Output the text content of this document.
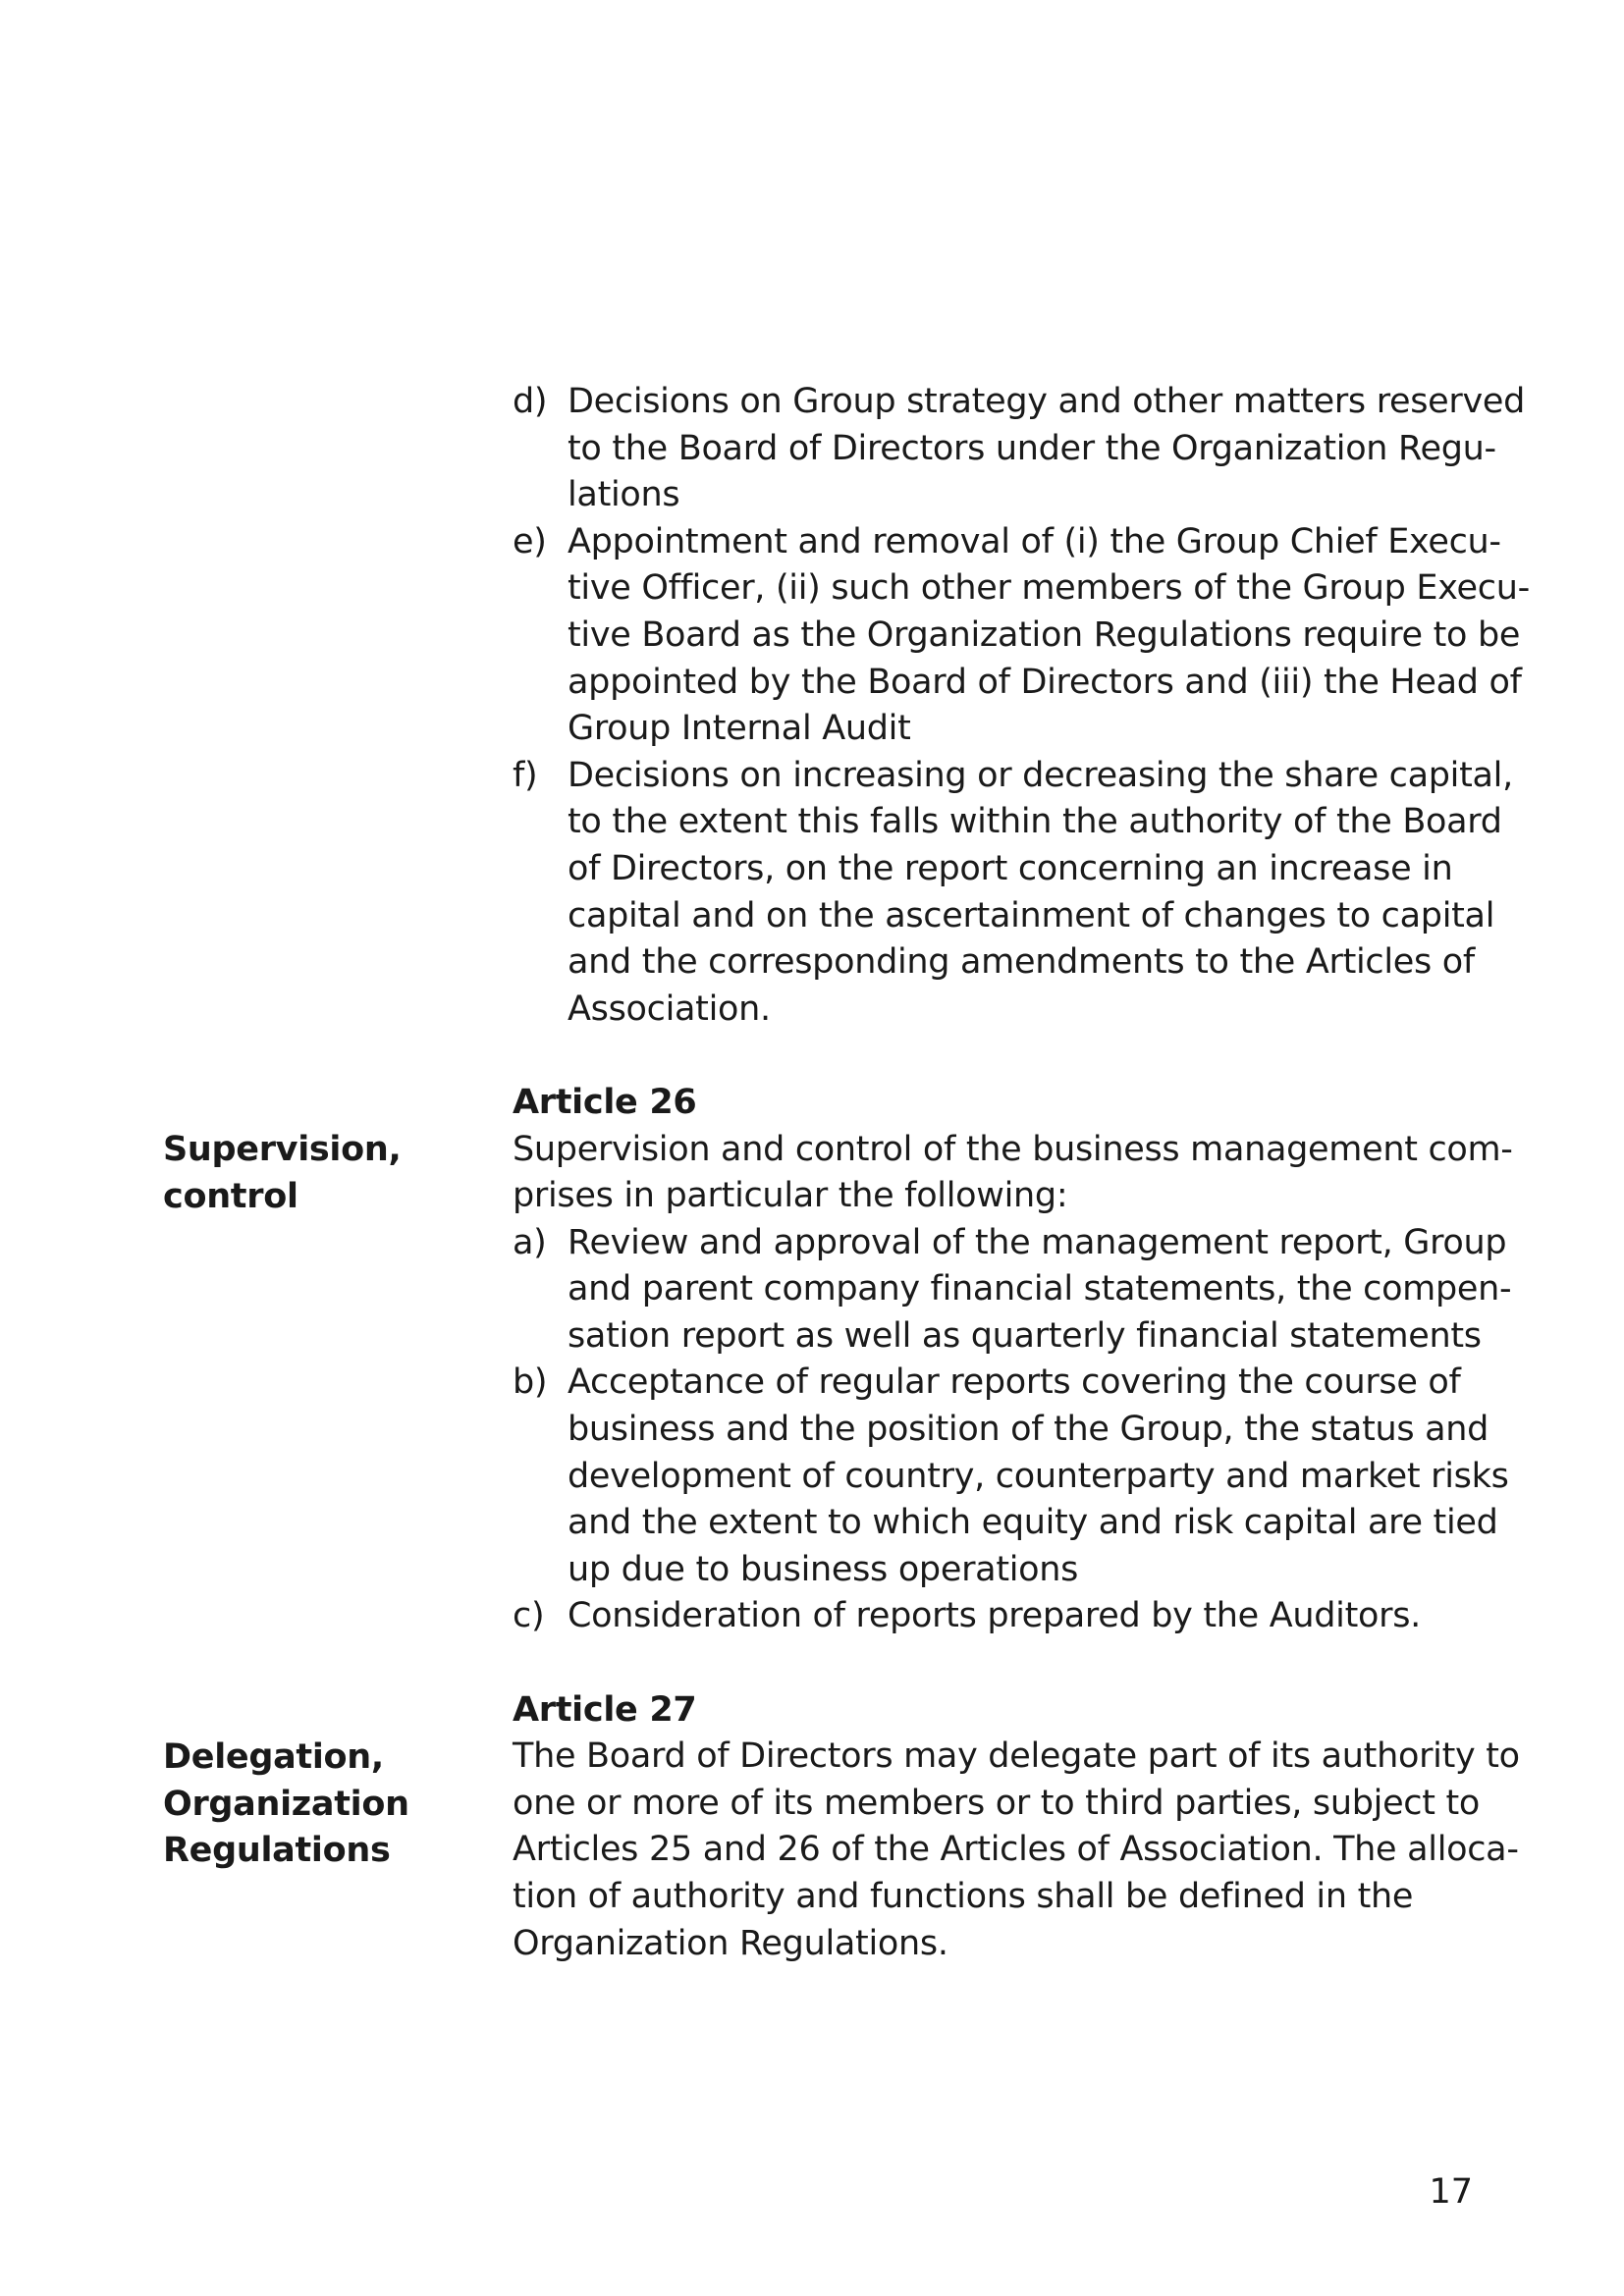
d) Decisions on Group strategy and other matters reserved
to the Board of Directors under the Organization Regu-
lations
e) Appointment and removal of (i) the Group Chief Execu-
tive Officer, (ii) such other members of the Group Execu-
tive Board as the Organization Regulations require to be
appointed by the Board of Directors and (iii) the Head of
Group Internal Audit
f) Decisions on increasing or decreasing the share capital,
to the extent this falls within the authority of the Board
of Directors, on the report concerning an increase in
capital and on the ascertainment of changes to capital
and the corresponding amendments to the Articles of
Association.

Article 26

Supervision and control of the business management com-
prises in particular the following:

a) Review and approval of the management report, Group
and parent company financial statements, the compen-
sation report as well as quarterly financial statements
b) Acceptance of regular reports covering the course of
business and the position of the Group, the status and
development of country, counterparty and market risks
and the extent to which equity and risk capital are tied
up due to business operations
c) Consideration of reports prepared by the Auditors.

Article 27

The Board of Directors may delegate part of its authority to
one or more of its members or to third parties, subject to
Articles 25 and 26 of the Articles of Association. The alloca-
tion of authority and functions shall be defined in the
Organization Regulations.

Supervision,
control
Delegation,
Organization
Regulations
17
